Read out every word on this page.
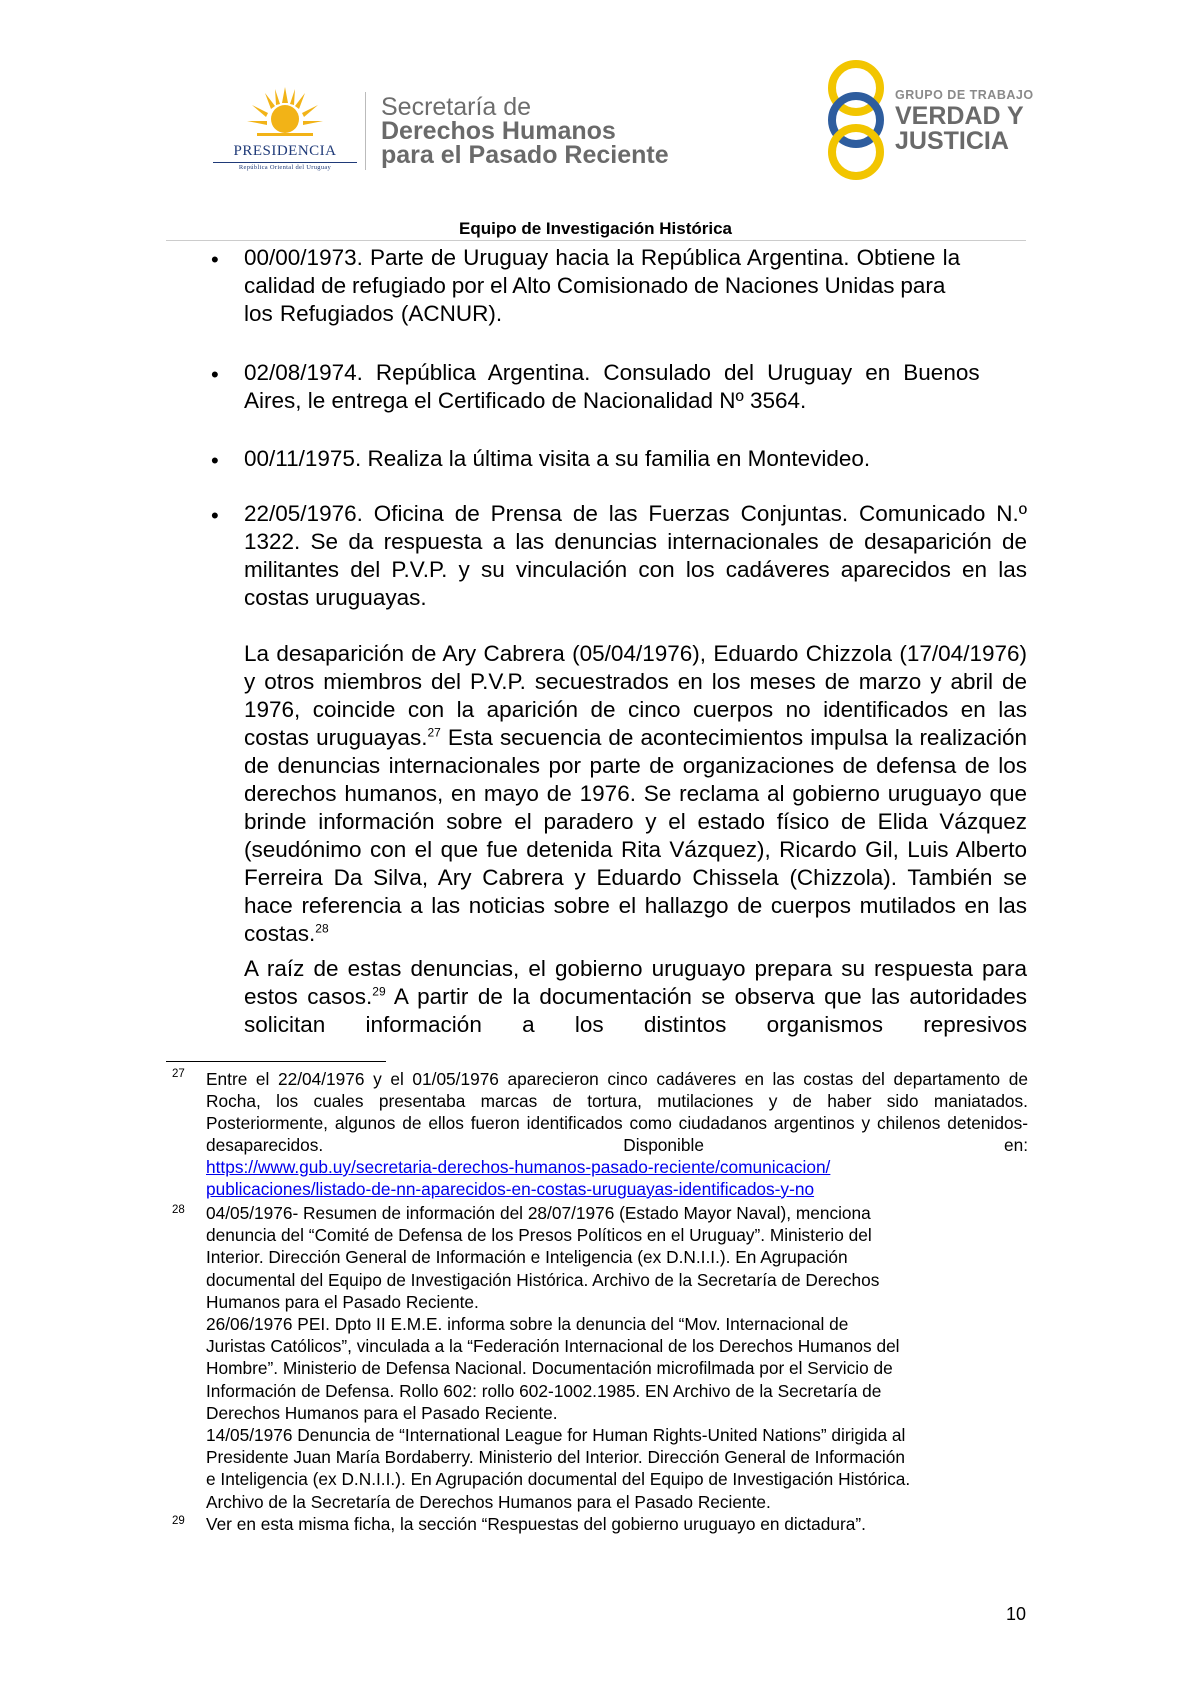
PRESIDENCIA
República Oriental del Uruguay
Secretaría de
Derechos Humanos
para el Pasado Reciente
GRUPO DE TRABAJO
VERDAD Y
JUSTICIA
Equipo de Investigación Histórica
• 00/00/1973. Parte de Uruguay hacia la República Argentina. Obtiene la
calidad de refugiado por el Alto Comisionado de Naciones Unidas para
los Refugiados (ACNUR).
• 02/08/1974. República Argentina. Consulado del Uruguay en Buenos
Aires, le entrega el Certificado de Nacionalidad Nº 3564.
• 00/11/1975. Realiza la última visita a su familia en Montevideo.
• 22/05/1976. Oficina de Prensa de las Fuerzas Conjuntas. Comunicado N.º 1322. Se da respuesta a las denuncias internacionales de desaparición de militantes del P.V.P. y su vinculación con los cadáveres aparecidos en las costas uruguayas.

La desaparición de Ary Cabrera (05/04/1976), Eduardo Chizzola (17/04/1976) y otros miembros del P.V.P. secuestrados en los meses de marzo y abril de 1976, coincide con la aparición de cinco cuerpos no identificados en las costas uruguayas.$^{27}$ Esta secuencia de acontecimientos impulsa la realización de denuncias internacionales por parte de organizaciones de defensa de los derechos humanos, en mayo de 1976. Se reclama al gobierno uruguayo que brinde información sobre el paradero y el estado físico de Elida Vázquez (seudónimo con el que fue detenida Rita Vázquez), Ricardo Gil, Luis Alberto Ferreira Da Silva, Ary Cabrera y Eduardo Chissela (Chizzola). También se hace referencia a las noticias sobre el hallazgo de cuerpos mutilados en las costas.$^{28}$

A raíz de estas denuncias, el gobierno uruguayo prepara su respuesta para estos casos.$^{29}$ A partir de la documentación se observa que las autoridades solicitan información a los distintos organismos represivos

27 Entre el 22/04/1976 y el 01/05/1976 aparecieron cinco cadáveres en las costas del departamento de Rocha, los cuales presentaba marcas de tortura, mutilaciones y de haber sido maniatados. Posteriormente, algunos de ellos fueron identificados como ciudadanos argentinos y chilenos detenidos-desaparecidos. Disponible en:

https://www.gub.uy/secretaria-derechos-humanos-pasado-reciente/comunicacion/

publicaciones/listado-de-nn-aparecidos-en-costas-uruguayas-identificados-y-no

28 04/05/1976- Resumen de información del 28/07/1976 (Estado Mayor Naval), menciona
denuncia del “Comité de Defensa de los Presos Políticos en el Uruguay”. Ministerio del
Interior. Dirección General de Información e Inteligencia (ex D.N.I.I.). En Agrupación
documental del Equipo de Investigación Histórica. Archivo de la Secretaría de Derechos
Humanos para el Pasado Reciente.
26/06/1976 PEI. Dpto II E.M.E. informa sobre la denuncia del “Mov. Internacional de
Juristas Católicos”, vinculada a la “Federación Internacional de los Derechos Humanos del
Hombre”. Ministerio de Defensa Nacional. Documentación microfilmada por el Servicio de
Información de Defensa. Rollo 602: rollo 602-1002.1985. EN Archivo de la Secretaría de
Derechos Humanos para el Pasado Reciente.
14/05/1976 Denuncia de “International League for Human Rights-United Nations” dirigida al
Presidente Juan María Bordaberry. Ministerio del Interior. Dirección General de Información
e Inteligencia (ex D.N.I.I.). En Agrupación documental del Equipo de Investigación Histórica.
Archivo de la Secretaría de Derechos Humanos para el Pasado Reciente.
29 Ver en esta misma ficha, la sección “Respuestas del gobierno uruguayo en dictadura”.

10
